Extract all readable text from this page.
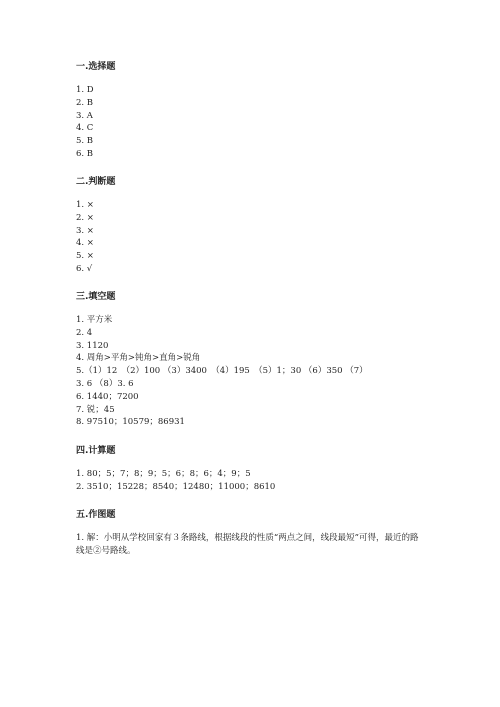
一.选择题
1. D
2. B
3. A
4. C
5. B
6. B
二.判断题
1. ×
2. ×
3. ×
4. ×
5. ×
6. √
三.填空题
1. 平方米
2. 4
3. 1120
4. 周角>平角>钝角>直角>锐角
5.（1）12　（2）100 （3）3400　（4）195　（5）1；30 （6）350 （7）
3. 6 （8）3. 6
6. 1440；7200
7. 锐；45
8. 97510；10579；86931
四.计算题
1. 80；5；7；8；9；5；6；8；6；4；9；5
2. 3510；15228；8540；12480；11000；8610
五.作图题
1. 解：小明从学校回家有３条路线，根据线段的性质“两点之间，线段最短”可得，最近的路线是②号路线。
